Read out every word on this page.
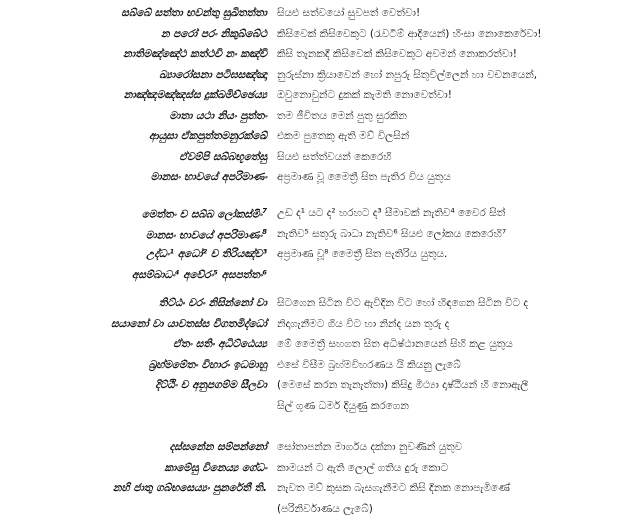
සබ්බේ සත්තා භවන්තු සුඛිතත්තා සියළු සත්වයෝ සුවපත් වෙත්වා!
න පරෝ පරං නිකුබ්බේථ කිසිවෙක් කිසිවෙකුට (රැවටීම් ආදියෙන්) හිංසා නොකෙරේවා!
නාතිමඤ්ඤේථ කත්ථචි නං කඤ්චි කිසි තැනකදී කිසිවෙක් කිසිවෙකුට අවමන් නොකරත්වා!
ඛ්‍යාරෝසනා පටිඝසඤ්ඤා නුරුස්නා ක්‍රියාවෙන් හෝ නපුරු සිතුවිල්ලෙන් හා වචනයෙන්,
නාඤ්ඤමඤ්ඤස්ස දුක්ඛමිච්ඡෙය්‍ය ඔවුනොවුන්ට දුකක් කැමති නොවෙත්වා!
මාතා යථා නියං පුත්තං තම ජීවිතය මෙන් පුතු සුරකින
ආයුසා ඒකපුත්තමනුරක්ඛේ එකම පුතෙකු ඇති මව් විලසින්
ඒවම්පි සබ්බභූතේසු සියළු සත්ත්වයන් කෙරෙහි
මානසං භාවයේ අපරිමාණං අප්‍රමාණ වූ මෛත්‍රී සිත පැතිර විය යුතුය
මෙත්තං ච සබ්බ ලෝකස්මිං$^7$ උඩ ද¹ යට ද² හරහට ද³ සීමාවක් නැතිව⁴ වෛර සිත්
මානසං භාවයේ අපරිමාණං$^8$ නැතිව⁵ සතුරු බාධා නැතිව⁶ සියළු ලෝකය කෙරෙහි⁷
උද්ධං¹ අධෝ² ච තිරියඤ්ච³ අප්‍රමාණ වූ⁸ මෛත්‍රී සිත පැතිරිය යුතුය.
අසම්බාධං⁴ අවේරං⁵ අසපත්තං⁶
තිට්ඨං චරං නිසින්නෝ වා සිටගෙන සිටින විට ඇවිදින විට හෝ හිඳගෙන සිටින විට ද
සයානෝ වා යාවතස්ස විගතමිද්ධෝ නිදාගැනීමට ගිය විට හා නින්ද යන තුරු ද
ඒතං සතිං අධිට්ඨෙය්‍ය මේ මෛත්‍රී සහගත සිත අධිෂ්ඨානයෙන් සිහි කළ යුතුය
බ්‍රහ්මමේතං විහාරං ඉධමාහු එසේ විසීම බ්‍රහ්මවිහරණය යි කියනු ලැබේ
දිට්ඨිං ච අනුපගම්ම සීලවා (මෙසේ කරන තැනැත්තා) කිසිදු මිථ්‍යා දෘෂ්ඨියන් හි නොඇලී
සිල් ගුණ ධර්ම දියුණු කරගෙන
දස්සනේන සම්පන්නෝ සෝතාපන්න මාර්ගය දක්නා නුවණින් යුතුව
කාමේසු විනෙය්‍ය ගේධං කාමයන් ට ඇති ලොල් ගතිය දුරු කොට
නහි ජාතු ගබ්භසෙය්‍යං පුනරේතී ති. නැවත මව් කුසක බැසගැනීමට කිසි දිනක නොපැමිණේ
(පරිනිර්වාණය ලැබේ)
